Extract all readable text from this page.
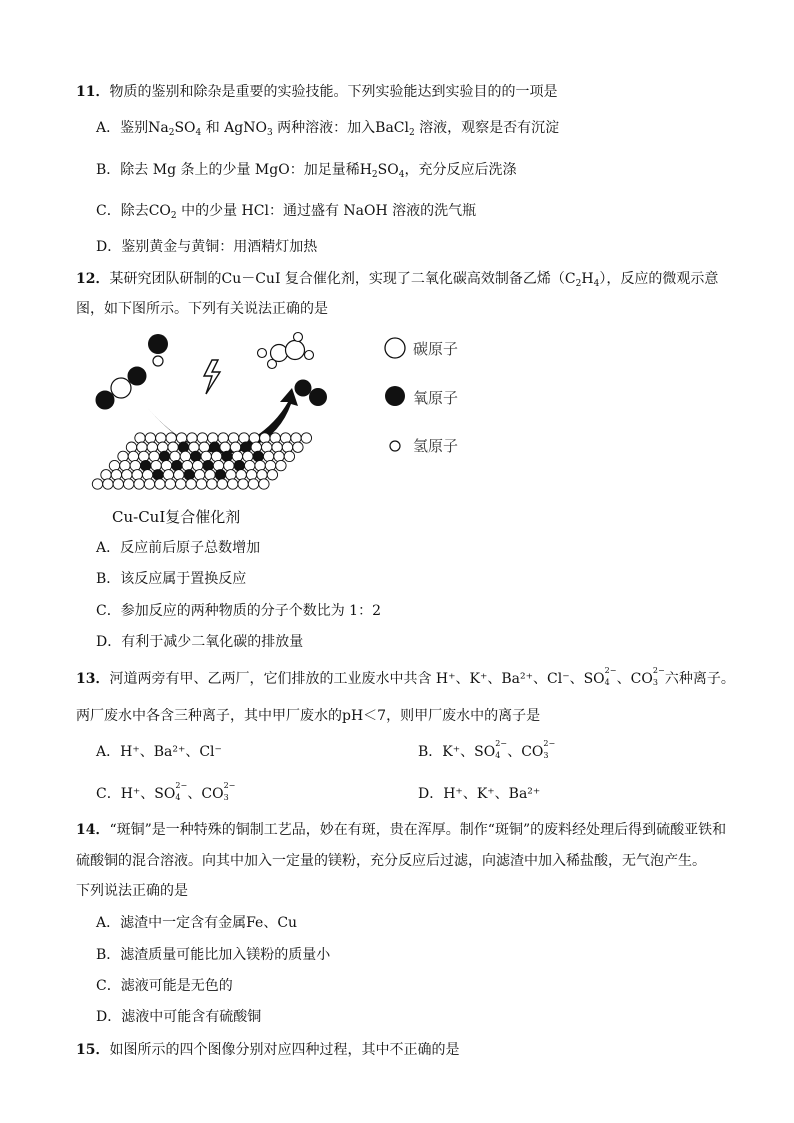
11．物质的鉴别和除杂是重要的实验技能。下列实验能达到实验目的的一项是
A．鉴别$Na_2SO_4$ 和 AgNO$_3$ 两种溶液：加入BaCl$_2$ 溶液，观察是否有沉淀
B．除去 Mg 条上的少量 MgO：加足量稀$H_2SO_4$，充分反应后洗涤
C．除去$CO_2$ 中的少量 HCl：通过盛有 NaOH 溶液的洗气瓶
D．鉴别黄金与黄铜：用酒精灯加热
12．某研究团队研制的Cu－CuI 复合催化剂，实现了二氧化碳高效制备乙烯$(C_2H_4)$，反应的微观示意
图，如下图所示。下列有关说法正确的是
Cu-CuI复合催化剂
碳原子
氧原子
氢原子
A．反应前后原子总数增加
B．该反应属于置换反应
C．参加反应的两种物质的分子个数比为 1：2
D．有利于减少二氧化碳的排放量
13．河道两旁有甲、乙两厂，它们排放的工业废水中共含 H⁺、K⁺、Ba²⁺、Cl⁻、SO
2−
4 、CO
2−
3 六种离子。
两厂废水中各含三种离子，其中甲厂废水的pH＜7，则甲厂废水中的离子是
A．H⁺、Ba²⁺、Cl⁻	B．K⁺、SO
2−
4 、CO
2−
3
C．H⁺、SO
2−
4 、CO
2−
3	D．H⁺、K⁺、Ba²⁺
14．“斑铜”是一种特殊的铜制工艺品，妙在有斑，贵在浑厚。制作“斑铜”的废料经处理后得到硫酸亚铁和
硫酸铜的混合溶液。向其中加入一定量的镁粉，充分反应后过滤，向滤渣中加入稀盐酸，无气泡产生。
下列说法正确的是
A．滤渣中一定含有金属Fe、Cu
B．滤渣质量可能比加入镁粉的质量小
C．滤液可能是无色的
D．滤液中可能含有硫酸铜
15．如图所示的四个图像分别对应四种过程，其中不正确的是
